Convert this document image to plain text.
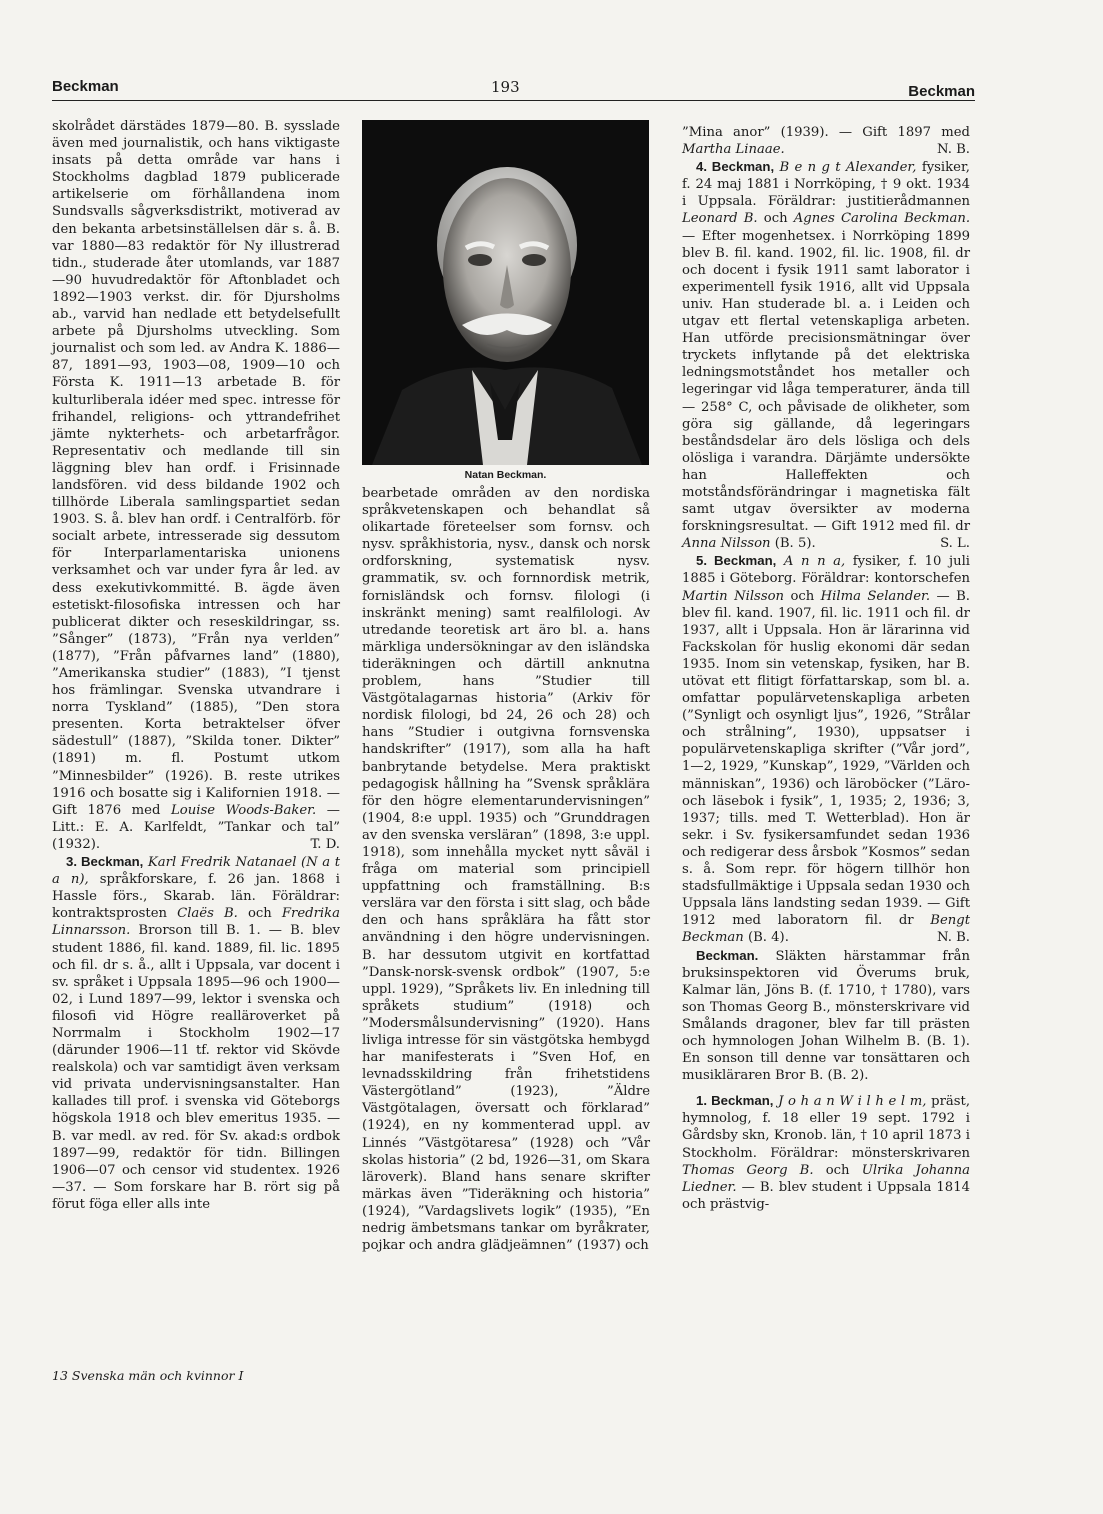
Beckman	193	Beckman

skolrådet därstädes 1879—80. B. sysslade även med journalistik, och hans viktigaste insats på detta område var hans i Stockholms dagblad 1879 publicerade artikelserie om förhållandena inom Sundsvalls sågverksdistrikt, motiverad av den bekanta arbetsinställelsen där s. å. B. var 1880—83 redaktör för Ny illustrerad tidn., studerade åter utomlands, var 1887—90 huvudredaktör för Aftonbladet och 1892—1903 verkst. dir. för Djursholms ab., varvid han nedlade ett betydelsefullt arbete på Djursholms utveckling. Som journalist och som led. av Andra K. 1886—87, 1891—93, 1903—08, 1909—10 och Första K. 1911—13 arbetade B. för kulturliberala idéer med spec. intresse för frihandel, religions- och yttrandefrihet jämte nykterhets- och arbetarfrågor. Representativ och medlande till sin läggning blev han ordf. i Frisinnade landsfören. vid dess bildande 1902 och tillhörde Liberala samlingspartiet sedan 1903. S. å. blev han ordf. i Centralförb. för socialt arbete, intresserade sig dessutom för Interparlamentariska unionens verksamhet och var under fyra år led. av dess exekutivkommitté. B. ägde även estetiskt-filosofiska intressen och har publicerat dikter och reseskildringar, ss. ”Sånger” (1873), ”Från nya verlden” (1877), ”Från påfvarnes land” (1880), ”Amerikanska studier” (1883), ”I tjenst hos främlingar. Svenska utvandrare i norra Tyskland” (1885), ”Den stora presenten. Korta betraktelser öfver sädestull” (1887), ”Skilda toner. Dikter” (1891) m. fl. Postumt utkom ”Minnesbilder” (1926). B. reste utrikes 1916 och bosatte sig i Kalifornien 1918. — Gift 1876 med Louise Woods-Baker. — Litt.: E. A. Karlfeldt, ”Tankar och tal” (1932).	T. D.

3. Beckman, Karl Fredrik Natanael (N a t a n), språkforskare, f. 26 jan. 1868 i Hassle förs., Skarab. län. Föräldrar: kontraktsprosten Claës B. och Fredrika Linnarsson. Brorson till B. 1. — B. blev student 1886, fil. kand. 1889, fil. lic. 1895 och fil. dr s. å., allt i Uppsala, var docent i sv. språket i Uppsala 1895—96 och 1900—02, i Lund 1897—99, lektor i svenska och filosofi vid Högre realläroverket på Norrmalm i Stockholm 1902—17 (därunder 1906—11 tf. rektor vid Skövde realskola) och var samtidigt även verksam vid privata undervisningsanstalter. Han kallades till prof. i svenska vid Göteborgs högskola 1918 och blev emeritus 1935. — B. var medl. av red. för Sv. akad:s ordbok 1897—99, redaktör för tidn. Billingen 1906—07 och censor vid studentex. 1926—37. — Som forskare har B. rört sig på förut föga eller alls inte

Natan Beckman.

bearbetade områden av den nordiska språkvetenskapen och behandlat så olikartade företeelser som fornsv. och nysv. språkhistoria, nysv., dansk och norsk ordforskning, systematisk nysv. grammatik, sv. och fornnordisk metrik, fornisländsk och fornsv. filologi (i inskränkt mening) samt realfilologi. Av utredande teoretisk art äro bl. a. hans märkliga undersökningar av den isländska tideräkningen och därtill anknutna problem, hans ”Studier till Västgötalagarnas historia” (Arkiv för nordisk filologi, bd 24, 26 och 28) och hans ”Studier i outgivna fornsvenska handskrifter” (1917), som alla ha haft banbrytande betydelse. Mera praktiskt pedagogisk hållning ha ”Svensk språklära för den högre elementarundervisningen” (1904, 8:e uppl. 1935) och ”Grunddragen av den svenska versläran” (1898, 3:e uppl. 1918), som innehålla mycket nytt såväl i fråga om material som principiell uppfattning och framställning. B:s verslära var den första i sitt slag, och både den och hans språklära ha fått stor användning i den högre undervisningen. B. har dessutom utgivit en kortfattad ”Dansk-norsk-svensk ordbok” (1907, 5:e uppl. 1929), ”Språkets liv. En inledning till språkets studium” (1918) och ”Modersmålsundervisning” (1920). Hans livliga intresse för sin västgötska hembygd har manifesterats i ”Sven Hof, en levnadsskildring från frihetstidens Västergötland” (1923), ”Äldre Västgötalagen, översatt och förklarad” (1924), en ny kommenterad uppl. av Linnés ”Västgötaresa” (1928) och ”Vår skolas historia” (2 bd, 1926—31, om Skara läroverk). Bland hans senare skrifter märkas även ”Tideräkning och historia” (1924), ”Vardagslivets logik” (1935), ”En nedrig ämbetsmans tankar om byråkrater, pojkar och andra glädjeämnen” (1937) och

”Mina anor” (1939). — Gift 1897 med Martha Linaae.	N. B.

4. Beckman, B e n g t Alexander, fysiker, f. 24 maj 1881 i Norrköping, † 9 okt. 1934 i Uppsala. Föräldrar: justitierådmannen Leonard B. och Agnes Carolina Beckman. — Efter mogenhetsex. i Norrköping 1899 blev B. fil. kand. 1902, fil. lic. 1908, fil. dr och docent i fysik 1911 samt laborator i experimentell fysik 1916, allt vid Uppsala univ. Han studerade bl. a. i Leiden och utgav ett flertal vetenskapliga arbeten. Han utförde precisionsmätningar över tryckets inflytande på det elektriska ledningsmotståndet hos metaller och legeringar vid låga temperaturer, ända till — 258° C, och påvisade de olikheter, som göra sig gällande, då legeringars beståndsdelar äro dels lösliga och dels olösliga i varandra. Därjämte undersökte han Halleffekten och motståndsförändringar i magnetiska fält samt utgav översikter av moderna forskningsresultat. — Gift 1912 med fil. dr Anna Nilsson (B. 5).	S. L.

5. Beckman, A n n a, fysiker, f. 10 juli 1885 i Göteborg. Föräldrar: kontorschefen Martin Nilsson och Hilma Selander. — B. blev fil. kand. 1907, fil. lic. 1911 och fil. dr 1937, allt i Uppsala. Hon är lärarinna vid Fackskolan för huslig ekonomi där sedan 1935. Inom sin vetenskap, fysiken, har B. utövat ett flitigt författarskap, som bl. a. omfattar populärvetenskapliga arbeten (”Synligt och osynligt ljus”, 1926, ”Strålar och strålning”, 1930), uppsatser i populärvetenskapliga skrifter (”Vår jord”, 1—2, 1929, ”Kunskap”, 1929, ”Världen och människan”, 1936) och läroböcker (”Läro- och läsebok i fysik”, 1, 1935; 2, 1936; 3, 1937; tills. med T. Wetterblad). Hon är sekr. i Sv. fysikersamfundet sedan 1936 och redigerar dess årsbok ”Kosmos” sedan s. å. Som repr. för högern tillhör hon stadsfullmäktige i Uppsala sedan 1930 och Uppsala läns landsting sedan 1939. — Gift 1912 med laboratorn fil. dr Bengt Beckman (B. 4).	N. B.

Beckman. Släkten härstammar från bruksinspektoren vid Överums bruk, Kalmar län, Jöns B. (f. 1710, † 1780), vars son Thomas Georg B., mönsterskrivare vid Smålands dragoner, blev far till prästen och hymnologen Johan Wilhelm B. (B. 1). En sonson till denne var tonsättaren och musikläraren Bror B. (B. 2).

1. Beckman, J o h a n W i l h e l m, präst, hymnolog, f. 18 eller 19 sept. 1792 i Gårdsby skn, Kronob. län, † 10 april 1873 i Stockholm. Föräldrar: mönsterskrivaren Thomas Georg B. och Ulrika Johanna Liedner. — B. blev student i Uppsala 1814 och prästvig-

13 Svenska män och kvinnor I
